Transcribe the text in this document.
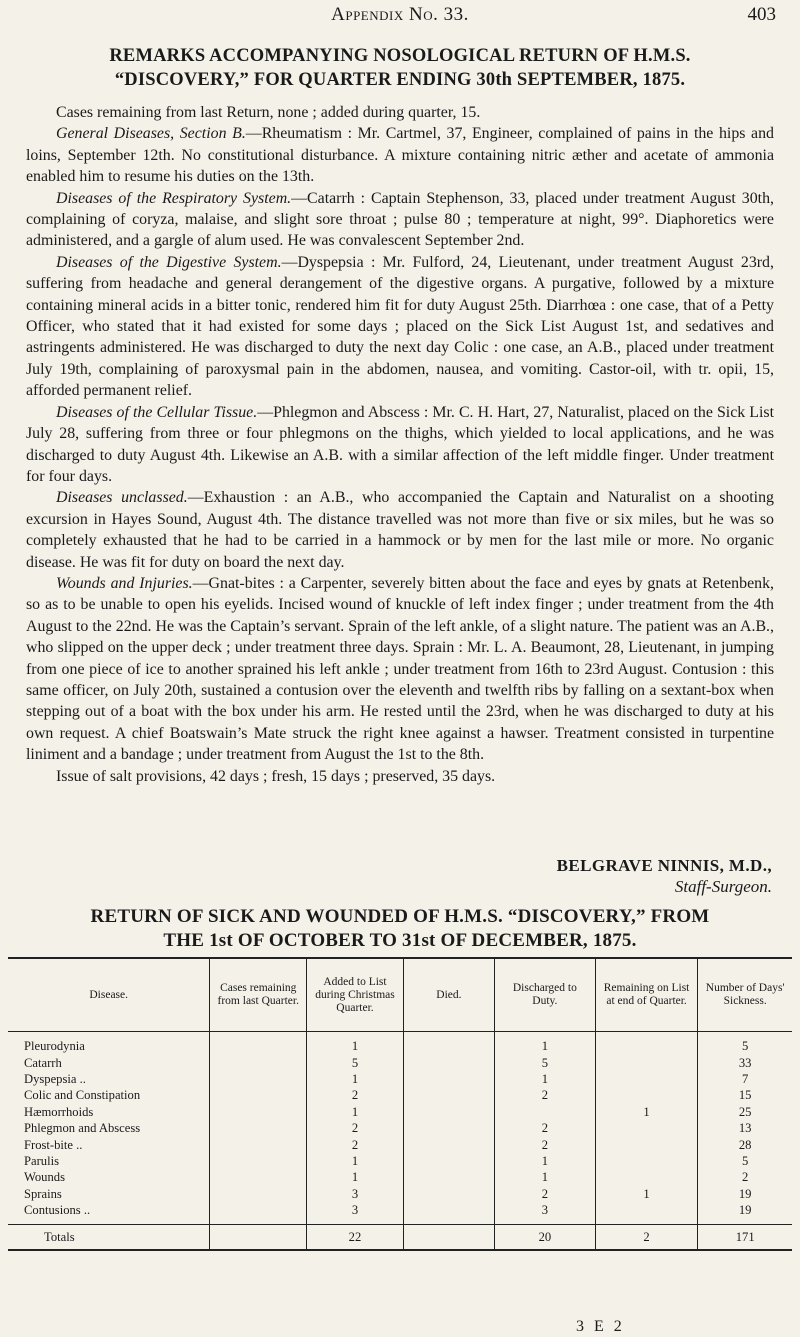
Appendix No. 33.	403
REMARKS ACCOMPANYING NOSOLOGICAL RETURN OF H.M.S.
“DISCOVERY,” FOR QUARTER ENDING 30th SEPTEMBER, 1875.

Cases remaining from last Return, none ; added during quarter, 15.

General Diseases, Section B.—Rheumatism : Mr. Cartmel, 37, Engineer, complained of pains in the hips and loins, September 12th. No constitutional disturbance. A mixture containing nitric æther and acetate of ammonia enabled him to resume his duties on the 13th.

Diseases of the Respiratory System.—Catarrh : Captain Stephenson, 33, placed under treatment August 30th, complaining of coryza, malaise, and slight sore throat ; pulse 80 ; temperature at night, 99°. Diaphoretics were administered, and a gargle of alum used. He was convalescent September 2nd.

Diseases of the Digestive System.—Dyspepsia : Mr. Fulford, 24, Lieutenant, under treatment August 23rd, suffering from headache and general derangement of the digestive organs. A purgative, followed by a mixture containing mineral acids in a bitter tonic, rendered him fit for duty August 25th. Diarrhœa : one case, that of a Petty Officer, who stated that it had existed for some days ; placed on the Sick List August 1st, and sedatives and astringents administered. He was discharged to duty the next day Colic : one case, an A.B., placed under treatment July 19th, complaining of paroxysmal pain in the abdomen, nausea, and vomiting. Castor-oil, with tr. opii, 15, afforded permanent relief.

Diseases of the Cellular Tissue.—Phlegmon and Abscess : Mr. C. H. Hart, 27, Naturalist, placed on the Sick List July 28, suffering from three or four phlegmons on the thighs, which yielded to local applications, and he was discharged to duty August 4th. Likewise an A.B. with a similar affection of the left middle finger. Under treatment for four days.

Diseases unclassed.—Exhaustion : an A.B., who accompanied the Captain and Naturalist on a shooting excursion in Hayes Sound, August 4th. The distance travelled was not more than five or six miles, but he was so completely exhausted that he had to be carried in a hammock or by men for the last mile or more. No organic disease. He was fit for duty on board the next day.

Wounds and Injuries.—Gnat-bites : a Carpenter, severely bitten about the face and eyes by gnats at Retenbenk, so as to be unable to open his eyelids. Incised wound of knuckle of left index finger ; under treatment from the 4th August to the 22nd. He was the Captain’s servant. Sprain of the left ankle, of a slight nature. The patient was an A.B., who slipped on the upper deck ; under treatment three days. Sprain : Mr. L. A. Beaumont, 28, Lieutenant, in jumping from one piece of ice to another sprained his left ankle ; under treatment from 16th to 23rd August. Contusion : this same officer, on July 20th, sustained a contusion over the eleventh and twelfth ribs by falling on a sextant-box when stepping out of a boat with the box under his arm. He rested until the 23rd, when he was discharged to duty at his own request. A chief Boatswain’s Mate struck the right knee against a hawser. Treatment consisted in turpentine liniment and a bandage ; under treatment from August the 1st to the 8th.

Issue of salt provisions, 42 days ; fresh, 15 days ; preserved, 35 days.

BELGRAVE NINNIS, M.D.,
Staff-Surgeon.
RETURN OF SICK AND WOUNDED OF H.M.S. “DISCOVERY,” FROM
THE 1st OF OCTOBER TO 31st OF DECEMBER, 1875.
Disease.	Cases remaining from last Quarter.	Added to List during Christmas Quarter.	Died.	Discharged to Duty.	Remaining on List at end of Quarter.	Number of Days' Sickness.
Pleurodynia		1		1		5
Catarrh		5		5		33
Dyspepsia ..		1		1		7
Colic and Constipation		2		2		15
Hæmorrhoids		1			1	25
Phlegmon and Abscess		2		2		13
Frost-bite ..		2		2		28
Parulis		1		1		5
Wounds		1		1		2
Sprains		3		2	1	19
Contusions ..		3		3		19
Totals		22		20	2	171
3 E 2
